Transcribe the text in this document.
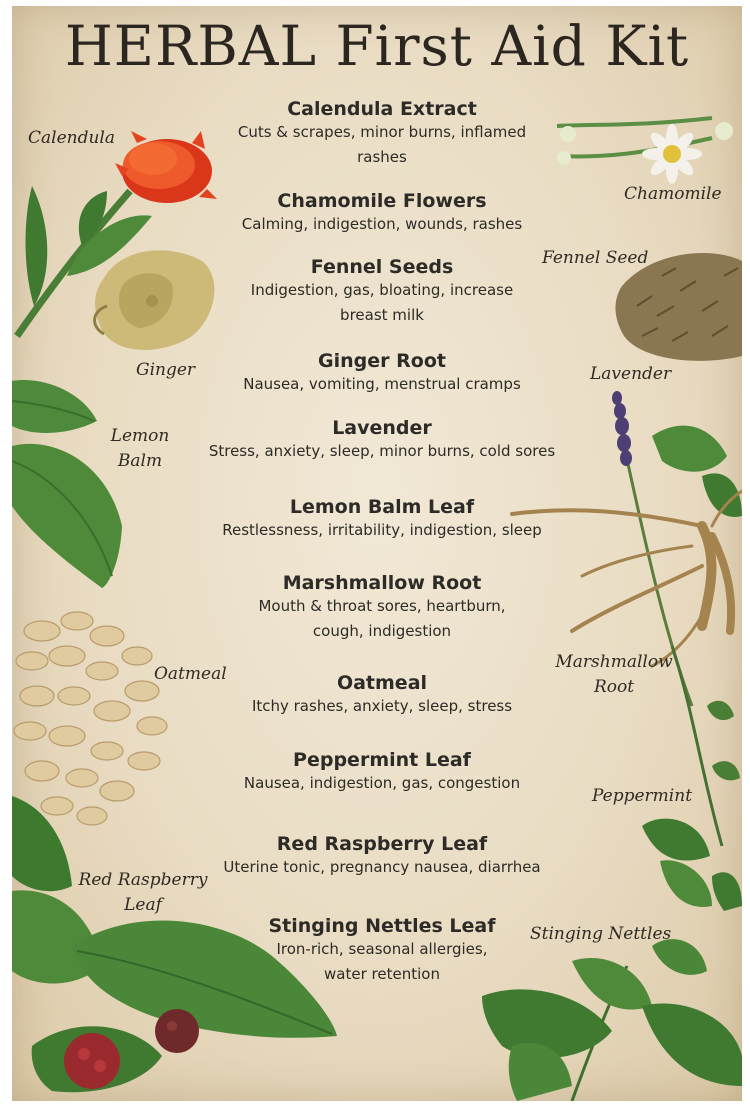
HERBAL First Aid Kit
Calendula Extract
Cuts & scrapes, minor burns, inflamed rashes
Chamomile Flowers
Calming, indigestion, wounds, rashes
Fennel Seeds
Indigestion, gas, bloating, increase breast milk
Ginger Root
Nausea, vomiting, menstrual cramps
Lavender
Stress, anxiety, sleep, minor burns, cold sores
Lemon Balm Leaf
Restlessness, irritability, indigestion, sleep
Marshmallow Root
Mouth & throat sores, heartburn, cough, indigestion
Oatmeal
Itchy rashes, anxiety, sleep, stress
Peppermint Leaf
Nausea, indigestion, gas, congestion
Red Raspberry Leaf
Uterine tonic, pregnancy nausea, diarrhea
Stinging Nettles Leaf
Iron-rich, seasonal allergies, water retention
Calendula
Chamomile
Fennel Seed
Ginger	Lavender
Lemon Balm
Oatmeal
Marshmallow Root
Peppermint
Red Raspberry Leaf
Stinging Nettles
